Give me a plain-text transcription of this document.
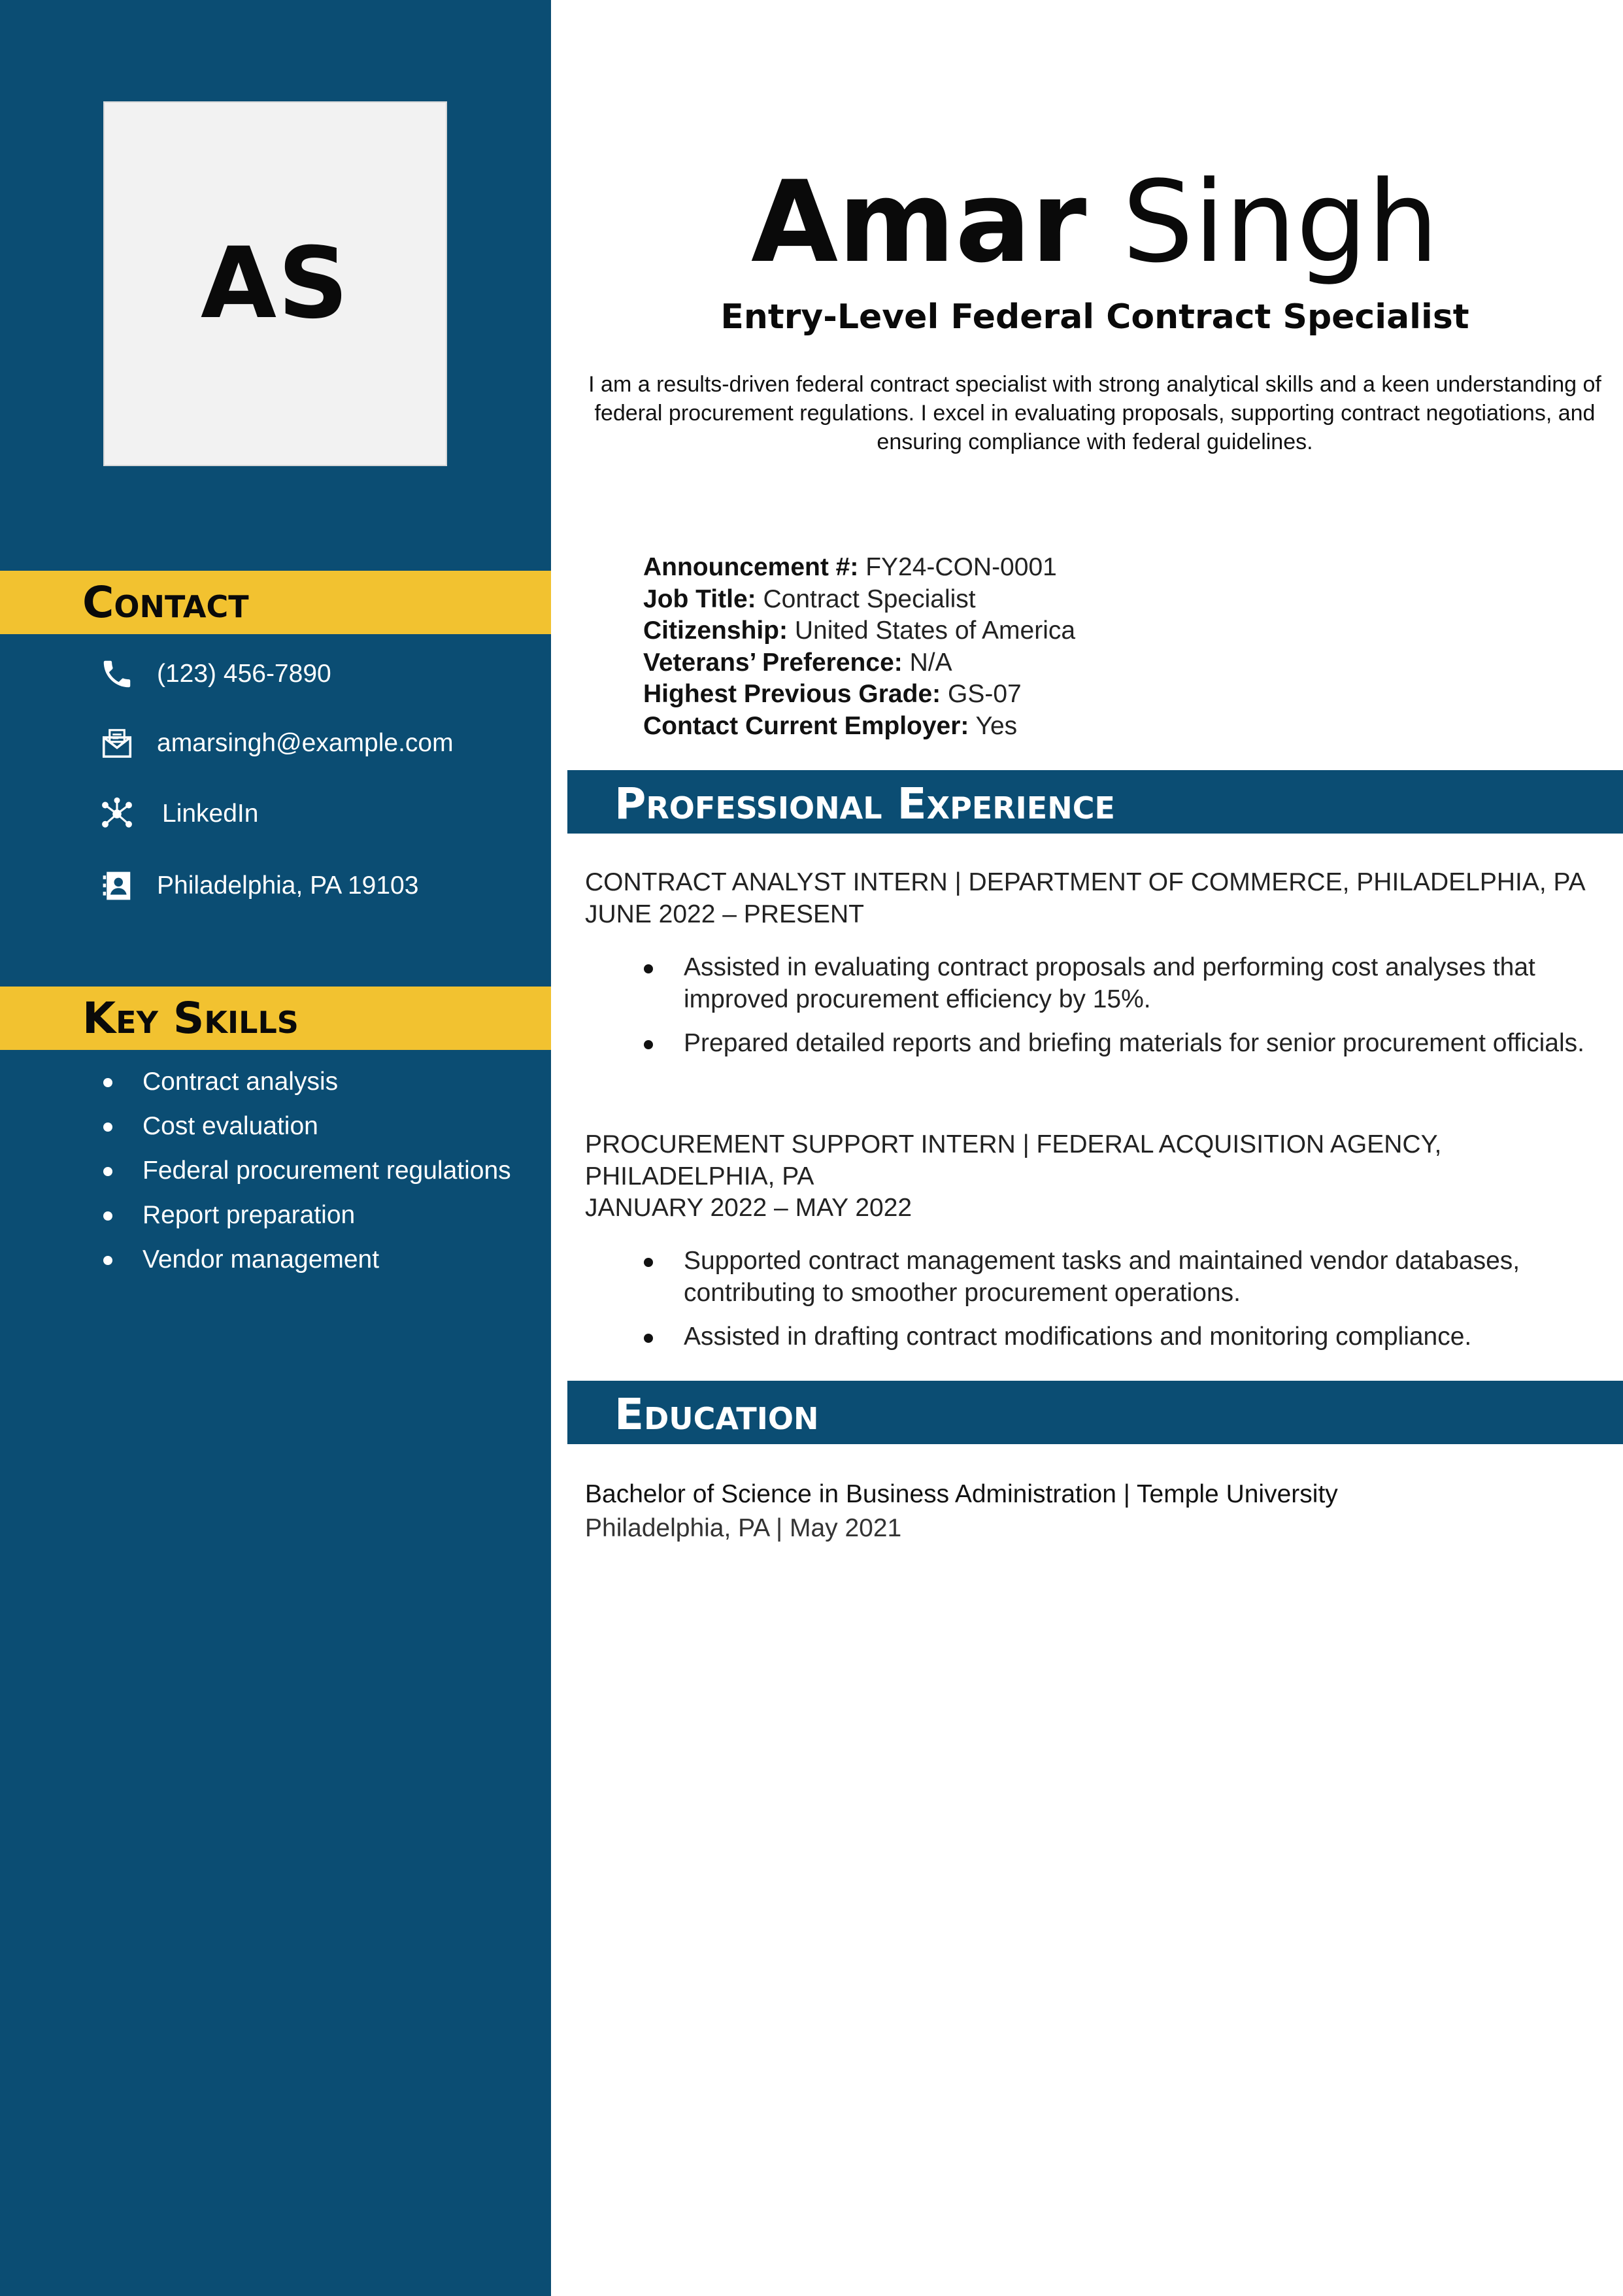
AS
Contact
(123) 456-7890
amarsingh@example.com
LinkedIn
Philadelphia, PA 19103
Key Skills
Contract analysis
Cost evaluation
Federal procurement regulations
Report preparation
Vendor management
Amar Singh
Entry-Level Federal Contract Specialist
I am a results-driven federal contract specialist with strong analytical skills and a keen understanding of federal procurement regulations. I excel in evaluating proposals, supporting contract negotiations, and ensuring compliance with federal guidelines.
Announcement #: FY24-CON-0001
Job Title: Contract Specialist
Citizenship: United States of America
Veterans’ Preference: N/A
Highest Previous Grade: GS-07
Contact Current Employer: Yes
Professional Experience
CONTRACT ANALYST INTERN | DEPARTMENT OF COMMERCE, PHILADELPHIA, PA
JUNE 2022 – PRESENT
Assisted in evaluating contract proposals and performing cost analyses that improved procurement efficiency by 15%.
Prepared detailed reports and briefing materials for senior procurement officials.
PROCUREMENT SUPPORT INTERN | FEDERAL ACQUISITION AGENCY, PHILADELPHIA, PA
JANUARY 2022 – MAY 2022
Supported contract management tasks and maintained vendor databases, contributing to smoother procurement operations.
Assisted in drafting contract modifications and monitoring compliance.
Education
Bachelor of Science in Business Administration | Temple University
Philadelphia, PA | May 2021
